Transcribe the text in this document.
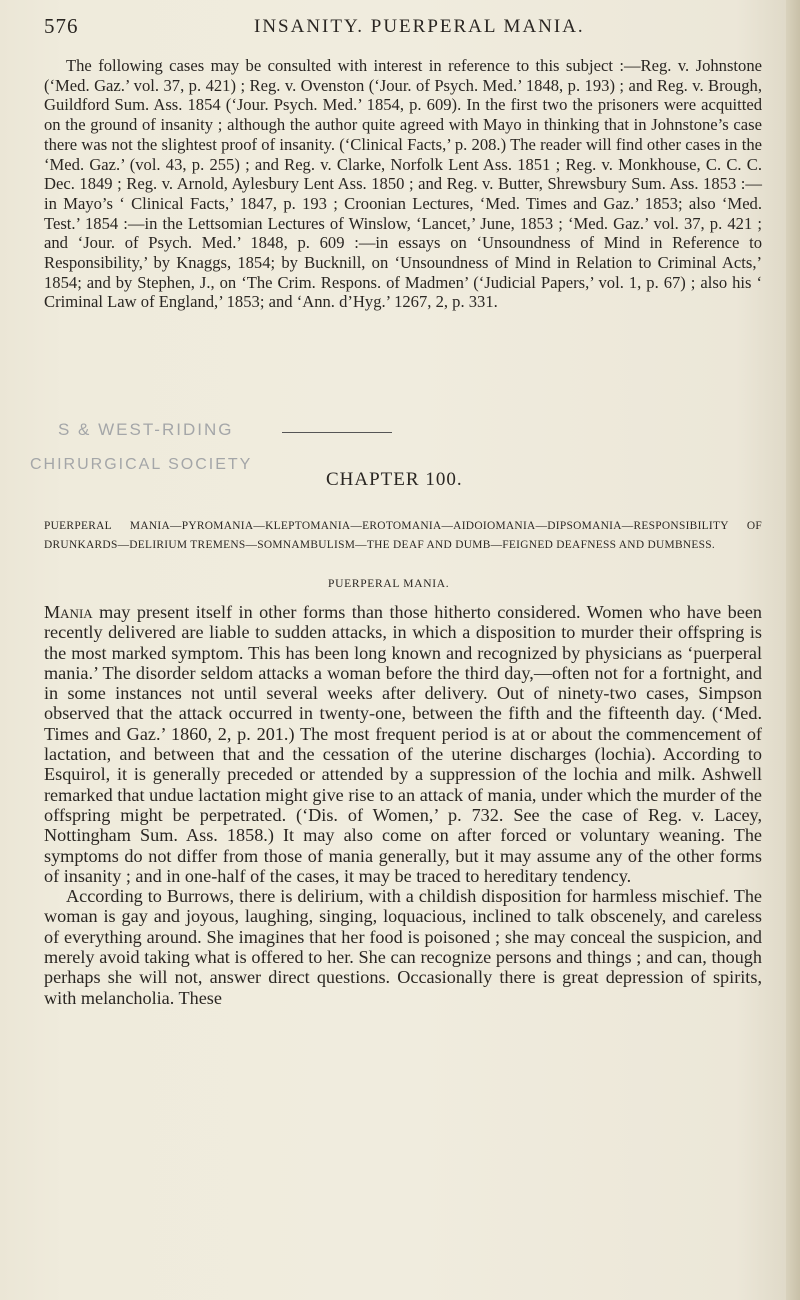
576	INSANITY. PUERPERAL MANIA.

The following cases may be consulted with interest in reference to this subject :—Reg. v. Johnstone (‘Med. Gaz.’ vol. 37, p. 421) ; Reg. v. Ovenston (‘Jour. of Psych. Med.’ 1848, p. 193) ; and Reg. v. Brough, Guildford Sum. Ass. 1854 (‘Jour. Psych. Med.’ 1854, p. 609). In the first two the prisoners were acquitted on the ground of insanity ; although the author quite agreed with Mayo in thinking that in Johnstone’s case there was not the slightest proof of insanity. (‘Clinical Facts,’ p. 208.) The reader will find other cases in the ‘Med. Gaz.’ (vol. 43, p. 255) ; and Reg. v. Clarke, Norfolk Lent Ass. 1851 ; Reg. v. Monkhouse, C. C. C. Dec. 1849 ; Reg. v. Arnold, Aylesbury Lent Ass. 1850 ; and Reg. v. Butter, Shrewsbury Sum. Ass. 1853 :—in Mayo’s ‘ Clinical Facts,’ 1847, p. 193 ; Croonian Lectures, ‘Med. Times and Gaz.’ 1853; also ‘Med. Test.’ 1854 :—in the Lettsomian Lectures of Winslow, ‘Lancet,’ June, 1853 ; ‘Med. Gaz.’ vol. 37, p. 421 ; and ‘Jour. of Psych. Med.’ 1848, p. 609 :—in essays on ‘Unsoundness of Mind in Reference to Responsibility,’ by Knaggs, 1854; by Bucknill, on ‘Unsoundness of Mind in Relation to Criminal Acts,’ 1854; and by Stephen, J., on ‘The Crim. Respons. of Madmen’ (‘Judicial Papers,’ vol. 1, p. 67) ; also his ‘ Criminal Law of England,’ 1853; and ‘Ann. d’Hyg.’ 1267, 2, p. 331.

S & WEST-RIDING
CHIRURGICAL SOCIETY
CHAPTER 100.
PUERPERAL MANIA—PYROMANIA—KLEPTOMANIA—EROTOMANIA—AIDOIOMANIA—DIPSOMANIA—RESPONSIBILITY OF DRUNKARDS—DELIRIUM TREMENS—SOMNAMBULISM—THE DEAF AND DUMB—FEIGNED DEAFNESS AND DUMBNESS.
PUERPERAL MANIA.

Mania may present itself in other forms than those hitherto considered. Women who have been recently delivered are liable to sudden attacks, in which a disposition to murder their offspring is the most marked symptom. This has been long known and recognized by physicians as ‘puerperal mania.’ The disorder seldom attacks a woman before the third day,—often not for a fortnight, and in some instances not until several weeks after delivery. Out of ninety-two cases, Simpson observed that the attack occurred in twenty-one, between the fifth and the fifteenth day. (‘Med. Times and Gaz.’ 1860, 2, p. 201.) The most frequent period is at or about the commencement of lactation, and between that and the cessation of the uterine discharges (lochia). According to Esquirol, it is generally preceded or attended by a suppression of the lochia and milk. Ashwell remarked that undue lactation might give rise to an attack of mania, under which the murder of the offspring might be perpetrated. (‘Dis. of Women,’ p. 732. See the case of Reg. v. Lacey, Nottingham Sum. Ass. 1858.) It may also come on after forced or voluntary weaning. The symptoms do not differ from those of mania generally, but it may assume any of the other forms of insanity ; and in one-half of the cases, it may be traced to hereditary tendency.

According to Burrows, there is delirium, with a childish disposition for harmless mischief. The woman is gay and joyous, laughing, singing, loquacious, inclined to talk obscenely, and careless of everything around. She imagines that her food is poisoned ; she may conceal the suspicion, and merely avoid taking what is offered to her. She can recognize persons and things ; and can, though perhaps she will not, answer direct questions. Occasionally there is great depression of spirits, with melancholia. These
